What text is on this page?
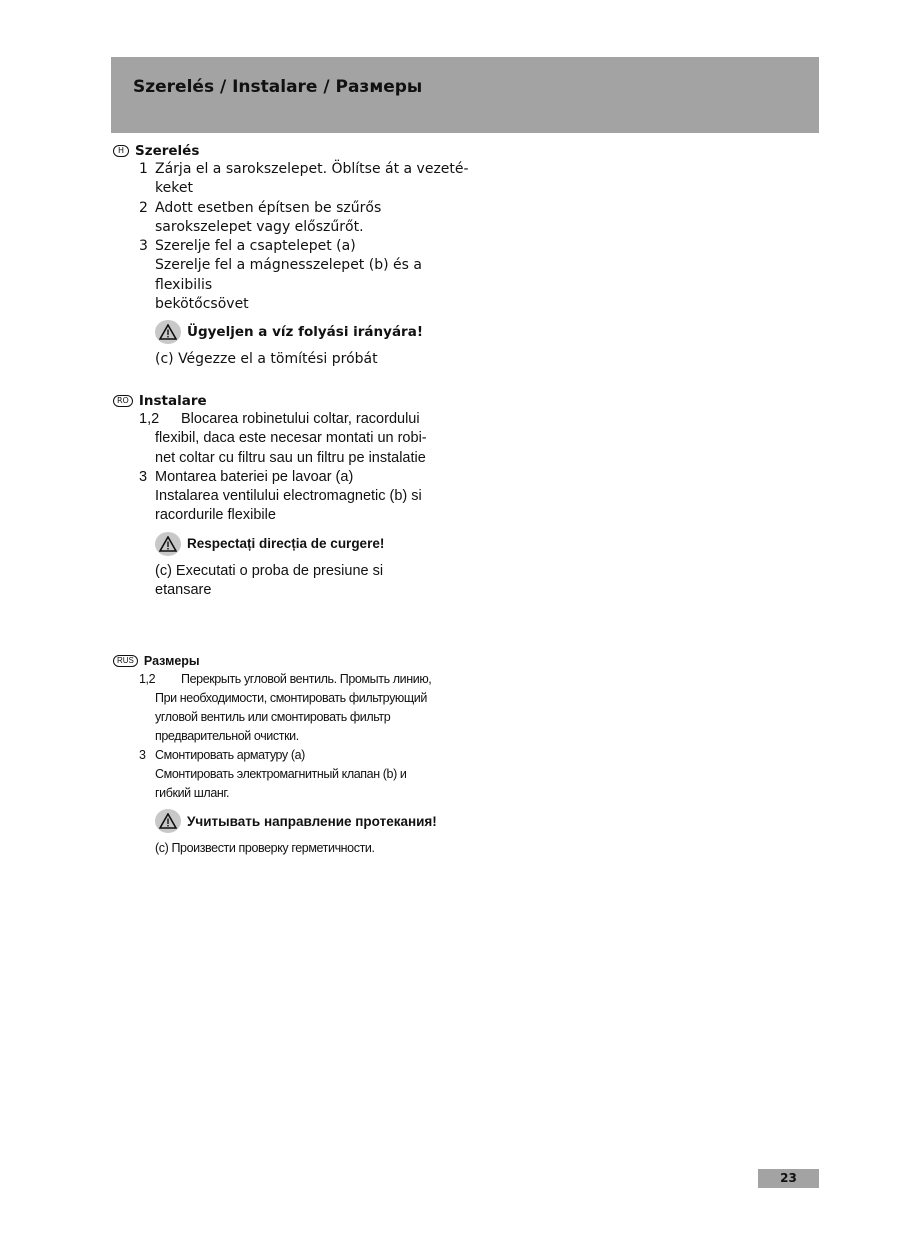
Szerelés / Instalare / Размеры
H Szerelés
1 Zárja el a sarokszelepet. Öblítse át a vezeté-
keket
2 Adott esetben építsen be szűrős
sarokszelepet vagy előszűrőt.
3 Szerelje fel a csaptelepet (a)
Szerelje fel a mágnesszelepet (b) és a flexibilis
bekötőcsövet
Ügyeljen a víz folyási irányára!
(c) Végezze el a tömítési próbát
RO Instalare
1,2 Blocarea robinetului coltar, racordului
flexibil, daca este necesar montati un robi-
net coltar cu filtru sau un filtru pe instalatie
3 Montarea bateriei pe lavoar (a)
Instalarea ventilului electromagnetic (b) si
racordurile flexibile
Respectați direcția de curgere!
(c) Executati o proba de presiune si
etansare
RUS Размеры
1,2 Перекрыть угловой вентиль. Промыть линию,
При необходимости, смонтировать фильтрующий
угловой вентиль или смонтировать фильтр
предварительной очистки.
3 Смонтировать арматуру (a)
Смонтировать электромагнитный клапан (b) и
гибкий шланг.
Учитывать направление протекания!
(c) Произвести проверку герметичности.
23
